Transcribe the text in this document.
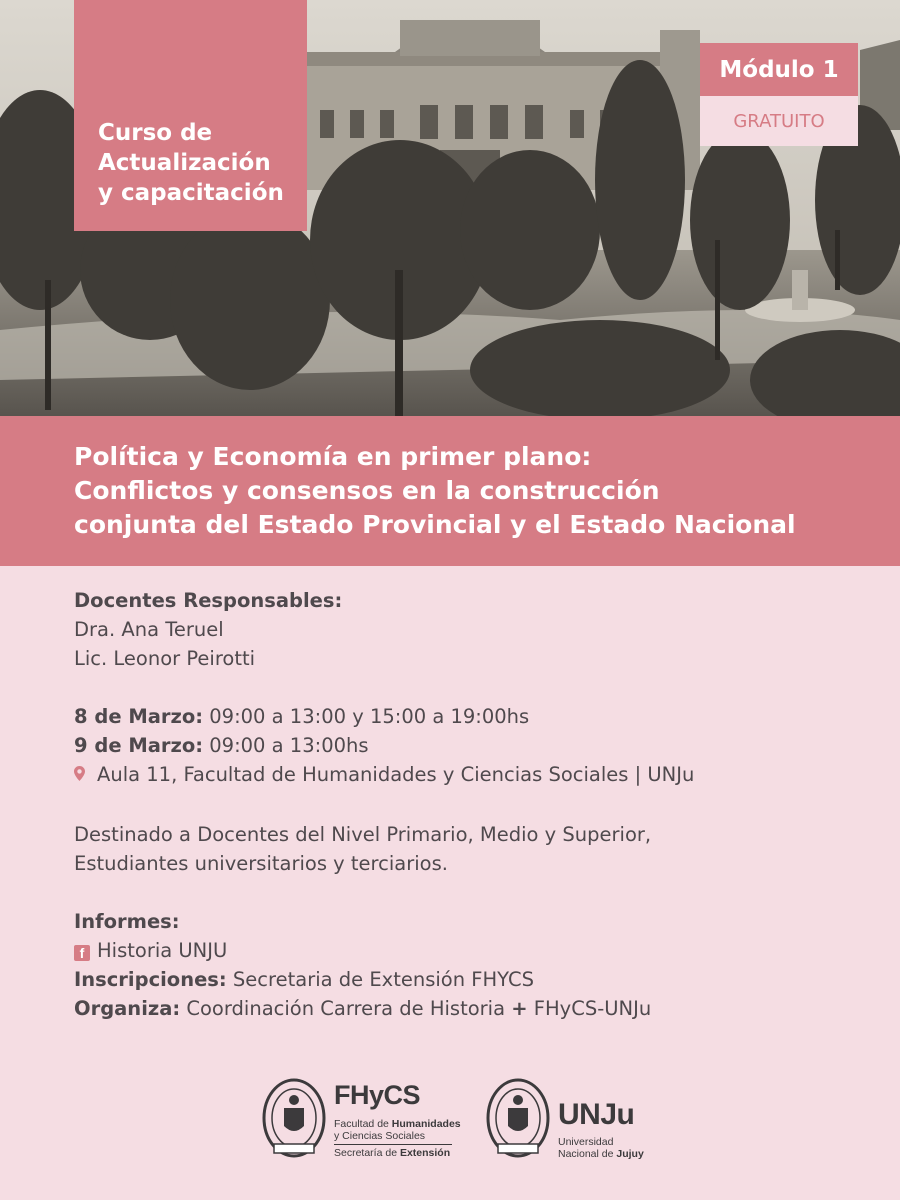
Curso de
Actualización
y capacitación
Módulo 1
GRATUITO
Política y Economía en primer plano:
Conflictos y consensos en la construcción
conjunta del Estado Provincial y el Estado Nacional
Docentes Responsables:
Dra. Ana Teruel
Lic. Leonor Peirotti
8 de Marzo: 09:00 a 13:00 y 15:00 a 19:00hs
9 de Marzo: 09:00 a 13:00hs
Aula 11, Facultad de Humanidades y Ciencias Sociales | UNJu
Destinado a Docentes del Nivel Primario, Medio y Superior,
Estudiantes universitarios y terciarios.
Informes:
f Historia UNJU
Inscripciones: Secretaria de Extensión FHYCS
Organiza: Coordinación Carrera de Historia + FHyCS-UNJu
FHyCS
Facultad de Humanidades
y Ciencias Sociales
Secretaría de Extensión
UNJu
Universidad
Nacional de Jujuy
